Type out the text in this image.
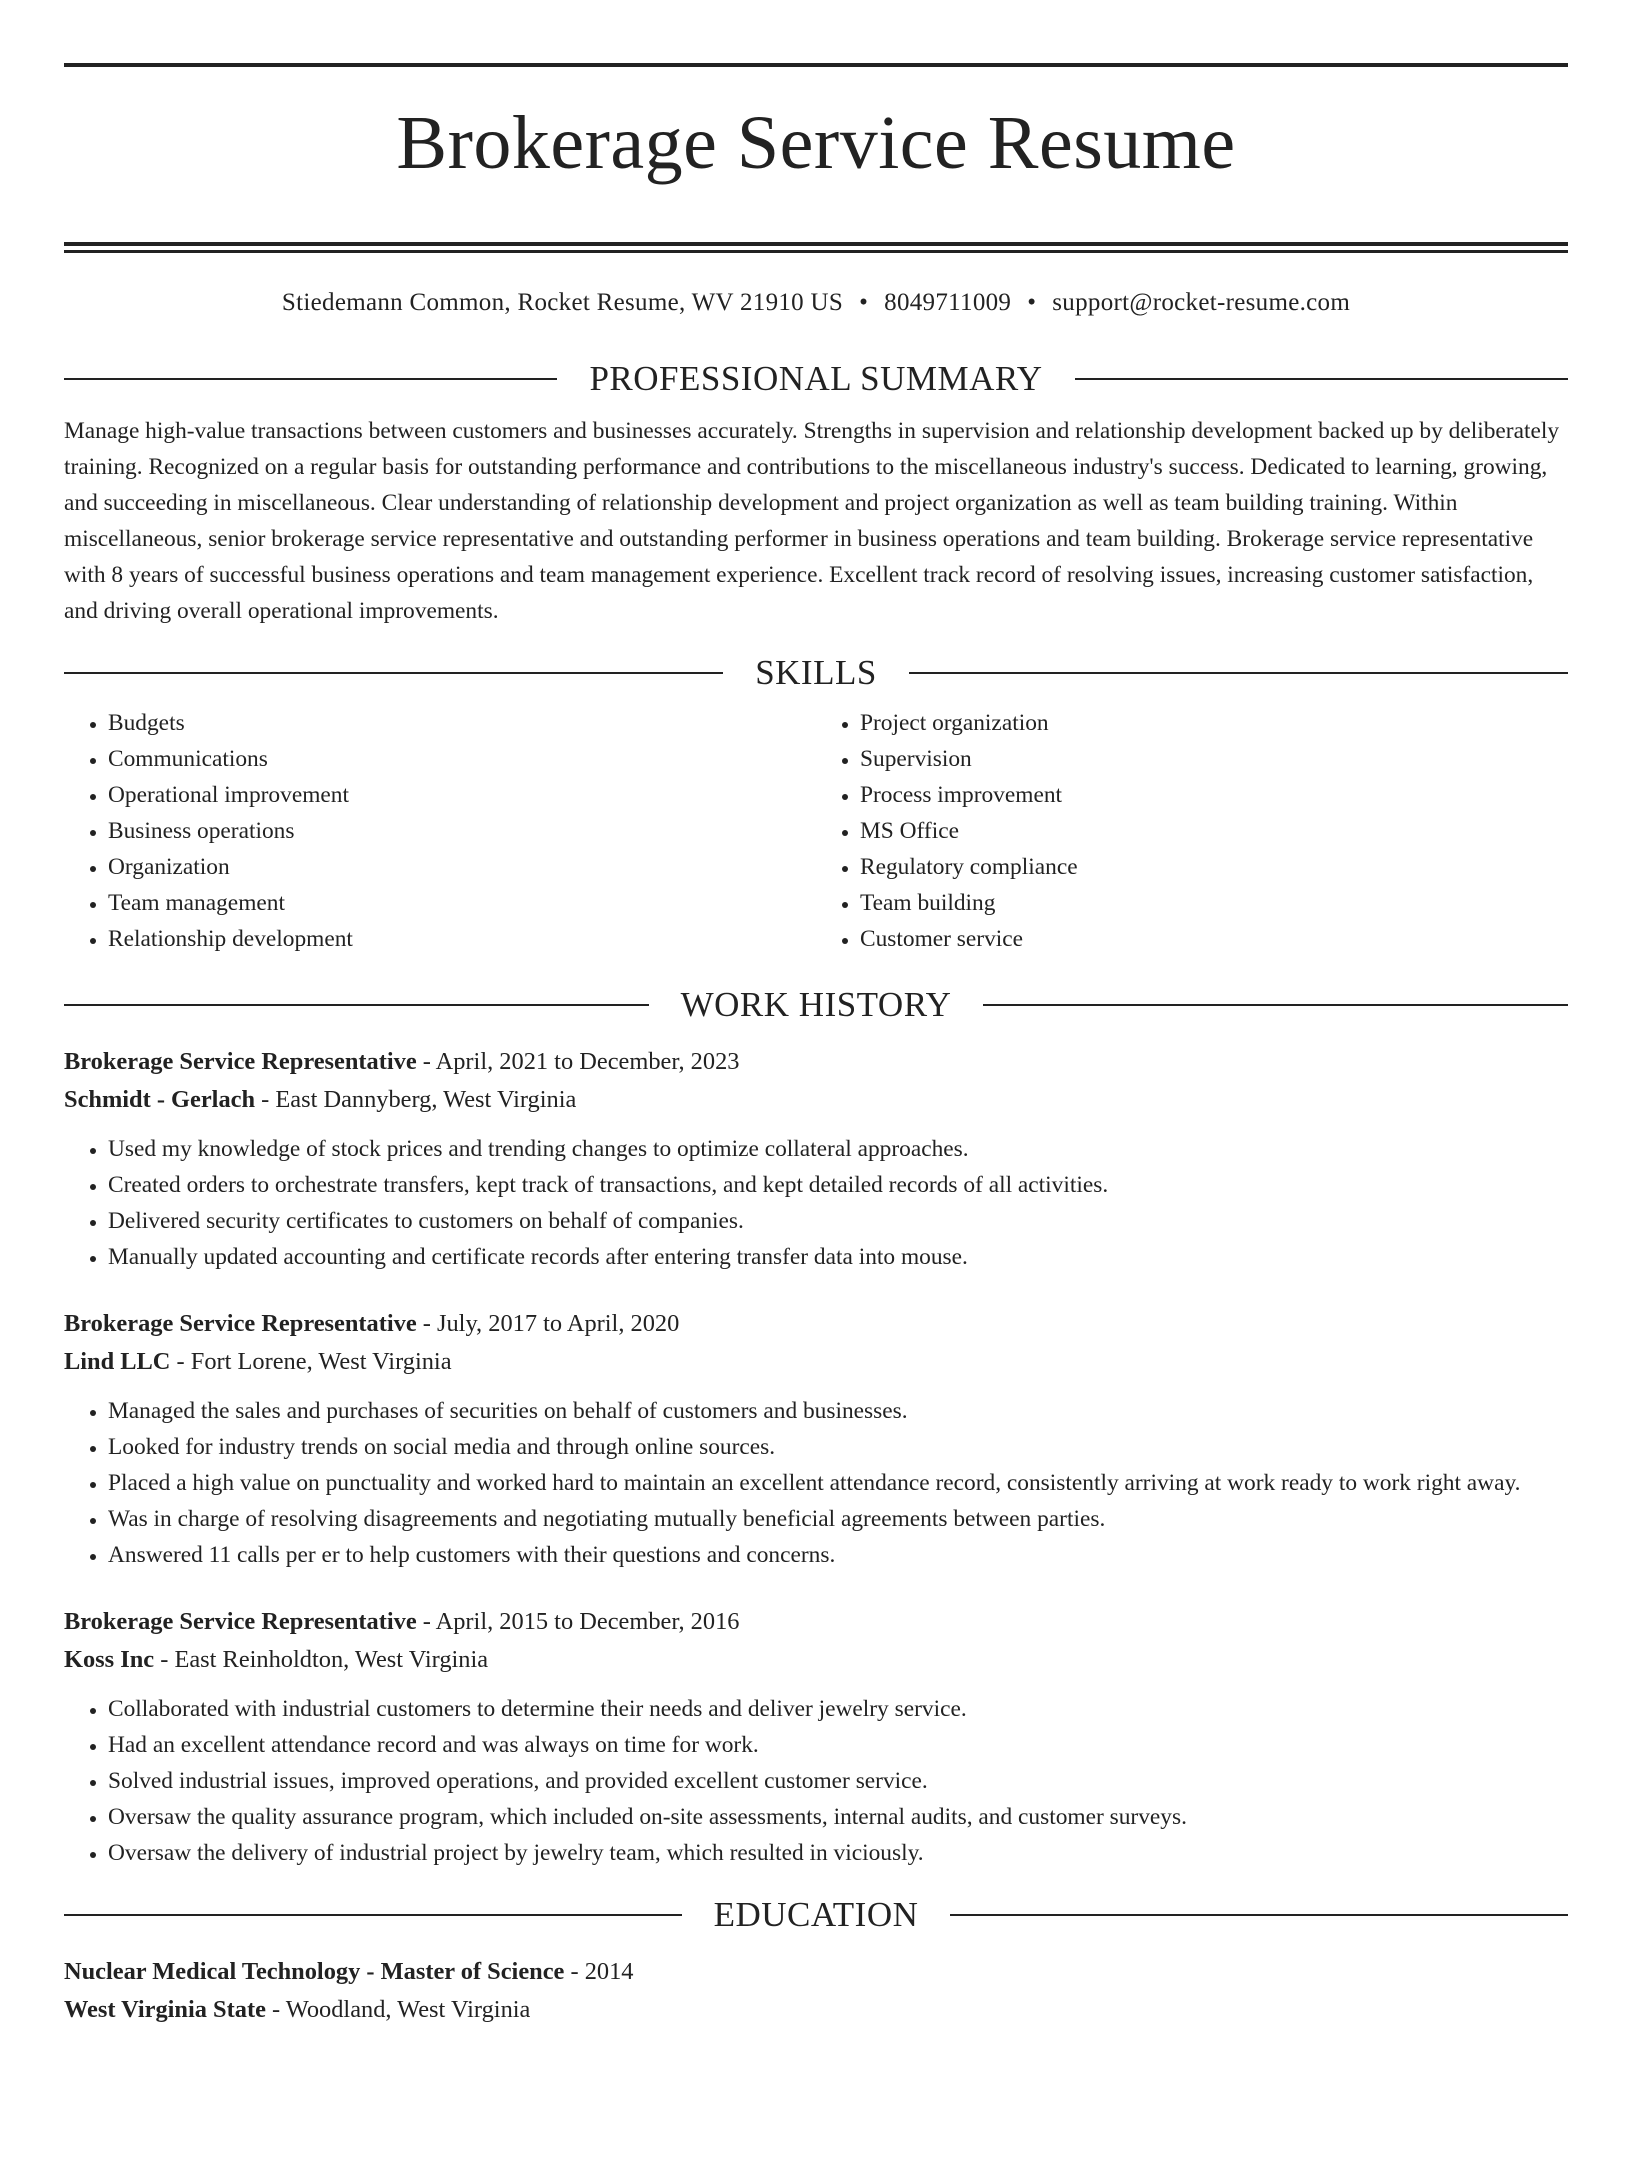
Brokerage Service Resume
Stiedemann Common, Rocket Resume, WV 21910 US • 8049711009 • support@rocket-resume.com
PROFESSIONAL SUMMARY

Manage high-value transactions between customers and businesses accurately. Strengths in supervision and relationship development backed up by deliberately training. Recognized on a regular basis for outstanding performance and contributions to the miscellaneous industry's success. Dedicated to learning, growing, and succeeding in miscellaneous. Clear understanding of relationship development and project organization as well as team building training. Within miscellaneous, senior brokerage service representative and outstanding performer in business operations and team building. Brokerage service representative with 8 years of successful business operations and team management experience. Excellent track record of resolving issues, increasing customer satisfaction, and driving overall operational improvements.

SKILLS
• Budgets
• Communications
• Operational improvement
• Business operations
• Organization
• Team management
• Relationship development
• Project organization
• Supervision
• Process improvement
• MS Office
• Regulatory compliance
• Team building
• Customer service
WORK HISTORY
Brokerage Service Representative - April, 2021 to December, 2023
Schmidt - Gerlach - East Dannyberg, West Virginia
• Used my knowledge of stock prices and trending changes to optimize collateral approaches.
• Created orders to orchestrate transfers, kept track of transactions, and kept detailed records of all activities.
• Delivered security certificates to customers on behalf of companies.
• Manually updated accounting and certificate records after entering transfer data into mouse.
Brokerage Service Representative - July, 2017 to April, 2020
Lind LLC - Fort Lorene, West Virginia
• Managed the sales and purchases of securities on behalf of customers and businesses.
• Looked for industry trends on social media and through online sources.
• Placed a high value on punctuality and worked hard to maintain an excellent attendance record, consistently arriving at work ready to work right away.
• Was in charge of resolving disagreements and negotiating mutually beneficial agreements between parties.
• Answered 11 calls per er to help customers with their questions and concerns.
Brokerage Service Representative - April, 2015 to December, 2016
Koss Inc - East Reinholdton, West Virginia
• Collaborated with industrial customers to determine their needs and deliver jewelry service.
• Had an excellent attendance record and was always on time for work.
• Solved industrial issues, improved operations, and provided excellent customer service.
• Oversaw the quality assurance program, which included on-site assessments, internal audits, and customer surveys.
• Oversaw the delivery of industrial project by jewelry team, which resulted in viciously.
EDUCATION
Nuclear Medical Technology - Master of Science - 2014
West Virginia State - Woodland, West Virginia
